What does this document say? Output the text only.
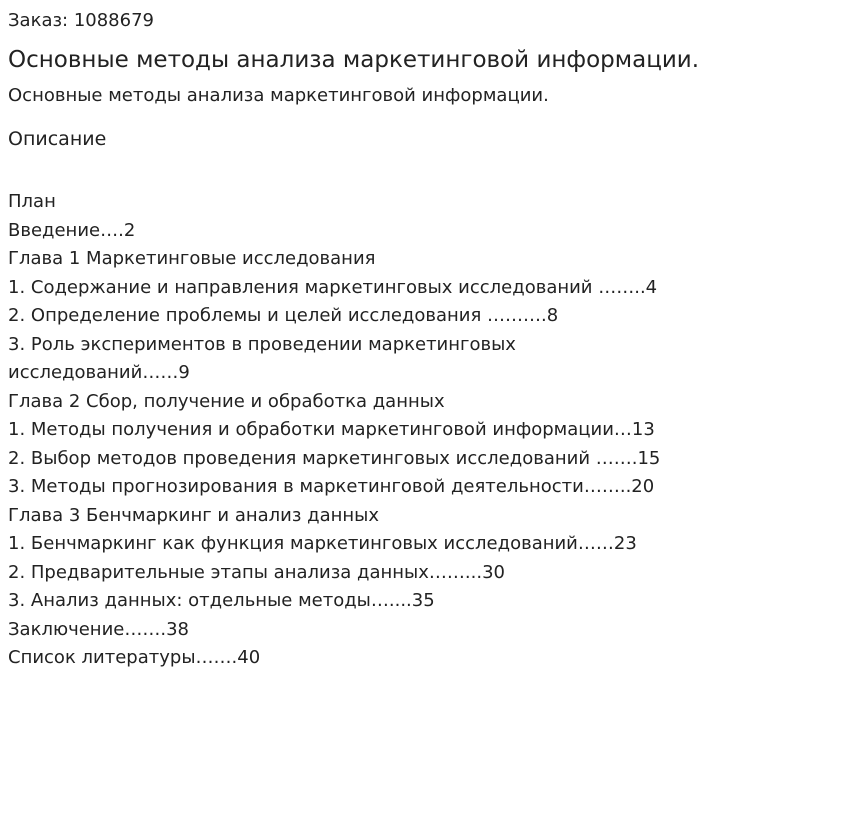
Заказ: 1088679

Основные методы анализа маркетинговой информации.

Основные методы анализа маркетинговой информации.

Описание
План
Введение….2
Глава 1 Маркетинговые исследования
1. Содержание и направления маркетинговых исследований ……..4
2. Определение проблемы и целей исследования ……….8
3. Роль экспериментов в проведении маркетинговых исследований……9
Глава 2 Сбор, получение и обработка данных
1. Методы получения и обработки маркетинговой информации…13
2. Выбор методов проведения маркетинговых исследований …….15
3. Методы прогнозирования в маркетинговой деятельности……..20
Глава 3 Бенчмаркинг и анализ данных
1. Бенчмаркинг как функция маркетинговых исследований……23
2. Предварительные этапы анализа данных……...30
3. Анализ данных: отдельные методы…....35
Заключение…….38
Список литературы…….40
